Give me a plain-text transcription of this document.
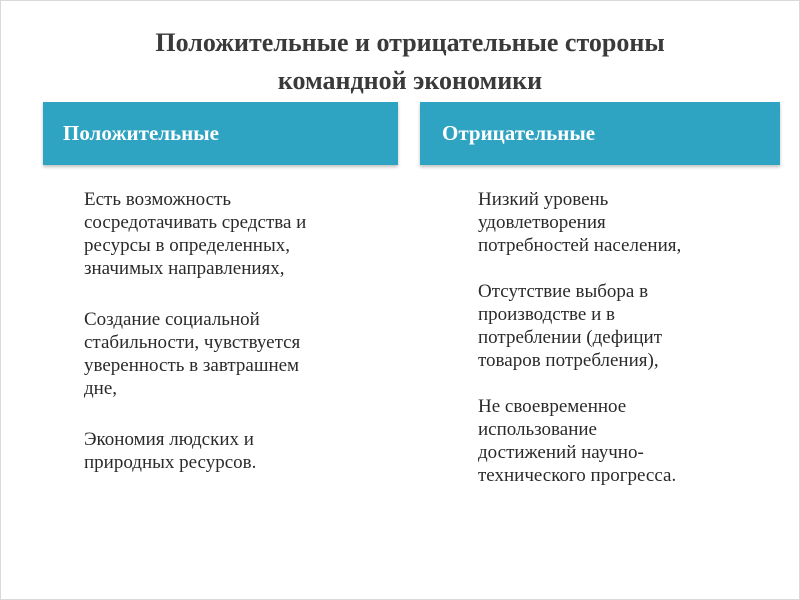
Положительные и отрицательные стороны
командной экономики
Положительные	Отрицательные

Есть возможность
сосредотачивать средства и
ресурсы в определенных,
значимых направлениях,

Создание социальной
стабильности, чувствуется
уверенность в завтрашнем
дне,

Экономия людских и
природных ресурсов.

Низкий уровень
удовлетворения
потребностей населения,

Отсутствие выбора в
производстве и в
потреблении (дефицит
товаров потребления),

Не своевременное
использование
достижений научно-
технического прогресса.
